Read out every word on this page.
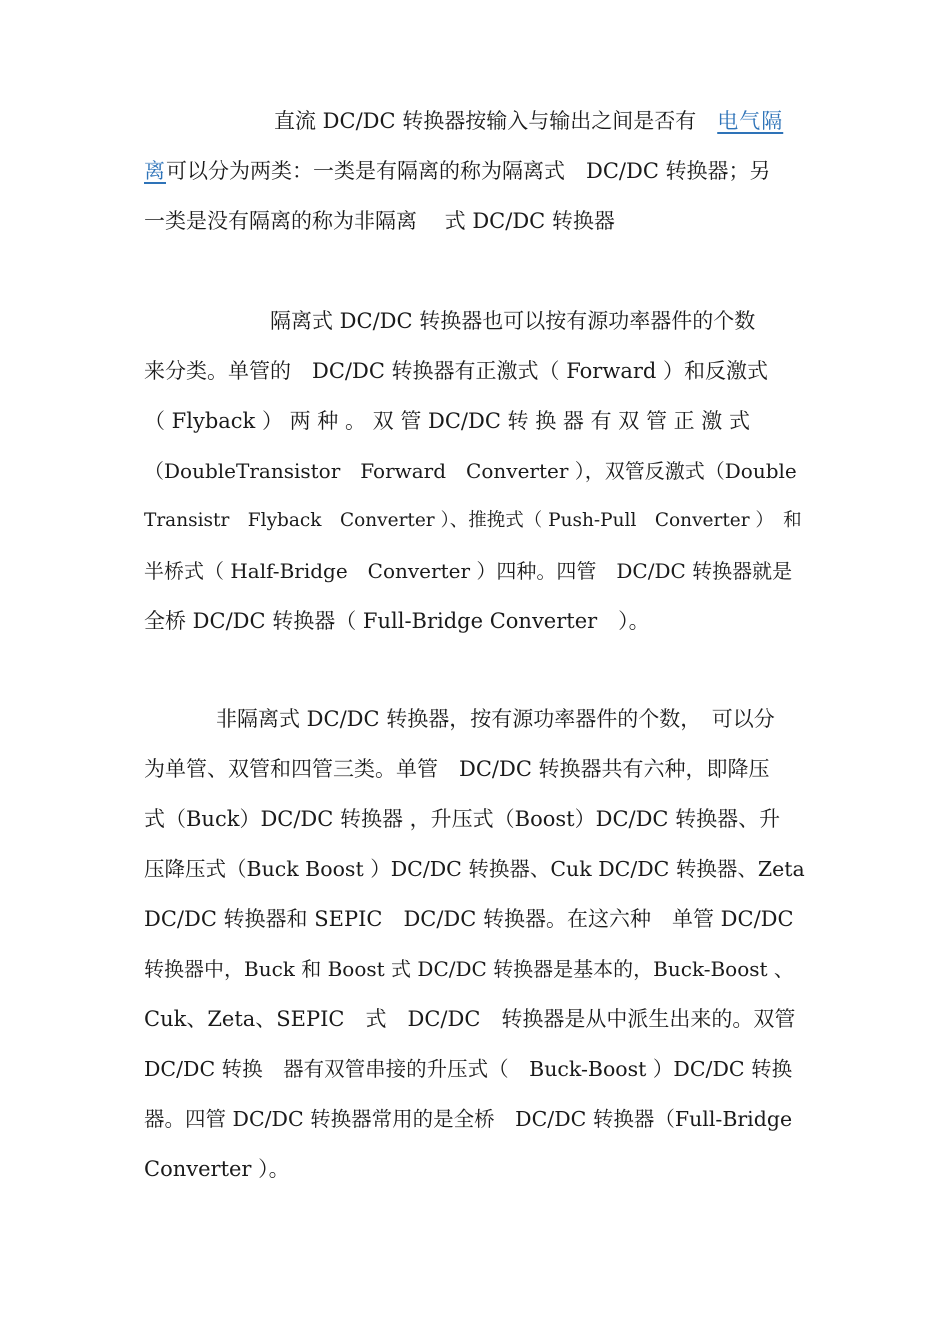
直流 DC/DC 转换器按输入与输出之间是否有　 电气隔
离可以分为两类：一类是有隔离的称为隔离式　DC/DC 转换器；另
一类是没有隔离的称为非隔离　 式 DC/DC 转换器
隔离式 DC/DC 转换器也可以按有源功率器件的个数
来分类。单管的　DC/DC 转换器有正激式（ Forward ）和反激式
（ Flyback ） 两 种 。 双 管 DC/DC 转 换 器 有 双 管 正 激 式
（DoubleTransistor　Forward　Converter ），双管反激式（Double
Transistr　Flyback　Converter ）、推挽式（ Push-Pull　Converter ）　和
半桥式（ Half-Bridge　Converter ）四种。四管　DC/DC 转换器就是
全桥 DC/DC 转换器（ Full-Bridge Converter　）。
非隔离式 DC/DC 转换器，按有源功率器件的个数，　可以分
为单管、双管和四管三类。单管　DC/DC 转换器共有六种，即降压
式（Buck）DC/DC 转换器 ，升压式（Boost）DC/DC 转换器、升
压降压式（Buck Boost ）DC/DC 转换器、Cuk DC/DC 转换器、Zeta
DC/DC 转换器和 SEPIC　DC/DC 转换器。在这六种　单管 DC/DC
转换器中，Buck 和 Boost 式 DC/DC 转换器是基本的，Buck-Boost 、
Cuk、Zeta、SEPIC　式　DC/DC　转换器是从中派生出来的。双管
DC/DC 转换　器有双管串接的升压式（　Buck-Boost ）DC/DC 转换
器。四管 DC/DC 转换器常用的是全桥　DC/DC 转换器（Full-Bridge
Converter ）。
